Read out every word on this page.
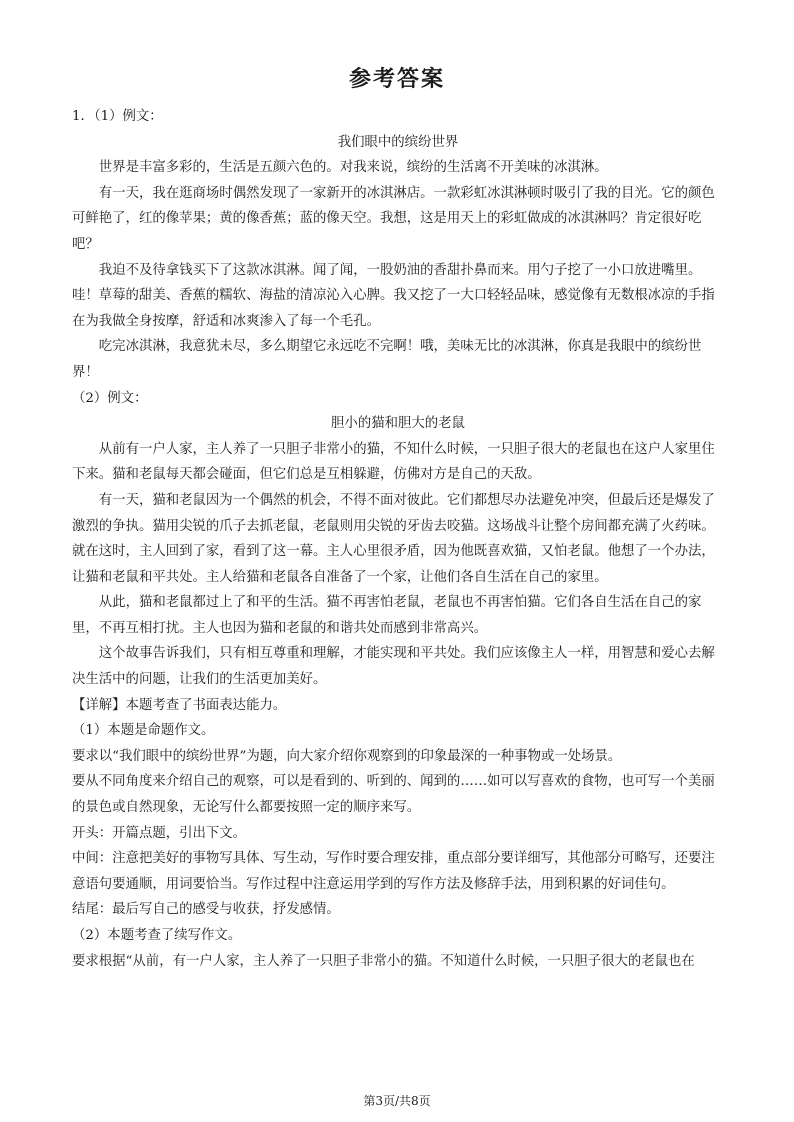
参考答案

1．（1）例文：

我们眼中的缤纷世界

世界是丰富多彩的，生活是五颜六色的。对我来说，缤纷的生活离不开美味的冰淇淋。

有一天，我在逛商场时偶然发现了一家新开的冰淇淋店。一款彩虹冰淇淋顿时吸引了我的目光。它的颜色可鲜艳了，红的像苹果；黄的像香蕉；蓝的像天空。我想，这是用天上的彩虹做成的冰淇淋吗？肯定很好吃吧？

我迫不及待拿钱买下了这款冰淇淋。闻了闻，一股奶油的香甜扑鼻而来。用勺子挖了一小口放进嘴里。哇！草莓的甜美、香蕉的糯软、海盐的清凉沁入心脾。我又挖了一大口轻轻品味，感觉像有无数根冰凉的手指在为我做全身按摩，舒适和冰爽渗入了每一个毛孔。

吃完冰淇淋，我意犹未尽，多么期望它永远吃不完啊！哦，美味无比的冰淇淋，你真是我眼中的缤纷世界！

（2）例文：

胆小的猫和胆大的老鼠

从前有一户人家，主人养了一只胆子非常小的猫，不知什么时候，一只胆子很大的老鼠也在这户人家里住下来。猫和老鼠每天都会碰面，但它们总是互相躲避，仿佛对方是自己的天敌。

有一天，猫和老鼠因为一个偶然的机会，不得不面对彼此。它们都想尽办法避免冲突，但最后还是爆发了激烈的争执。猫用尖锐的爪子去抓老鼠，老鼠则用尖锐的牙齿去咬猫。这场战斗让整个房间都充满了火药味。就在这时，主人回到了家，看到了这一幕。主人心里很矛盾，因为他既喜欢猫，又怕老鼠。他想了一个办法，让猫和老鼠和平共处。主人给猫和老鼠各自准备了一个家，让他们各自生活在自己的家里。

从此，猫和老鼠都过上了和平的生活。猫不再害怕老鼠，老鼠也不再害怕猫。它们各自生活在自己的家里，不再互相打扰。主人也因为猫和老鼠的和谐共处而感到非常高兴。

这个故事告诉我们，只有相互尊重和理解，才能实现和平共处。我们应该像主人一样，用智慧和爱心去解决生活中的问题，让我们的生活更加美好。

【详解】本题考查了书面表达能力。

（1）本题是命题作文。

要求以“我们眼中的缤纷世界”为题，向大家介绍你观察到的印象最深的一种事物或一处场景。

要从不同角度来介绍自己的观察，可以是看到的、听到的、闻到的……如可以写喜欢的食物，也可写一个美丽的景色或自然现象，无论写什么都要按照一定的顺序来写。

开头：开篇点题，引出下文。

中间：注意把美好的事物写具体、写生动，写作时要合理安排，重点部分要详细写，其他部分可略写，还要注意语句要通顺，用词要恰当。写作过程中注意运用学到的写作方法及修辞手法，用到积累的好词佳句。

结尾：最后写自己的感受与收获，抒发感情。

（2）本题考查了续写作文。

要求根据“从前，有一户人家，主人养了一只胆子非常小的猫。不知道什么时候，一只胆子很大的老鼠也在

第3页/共8页
